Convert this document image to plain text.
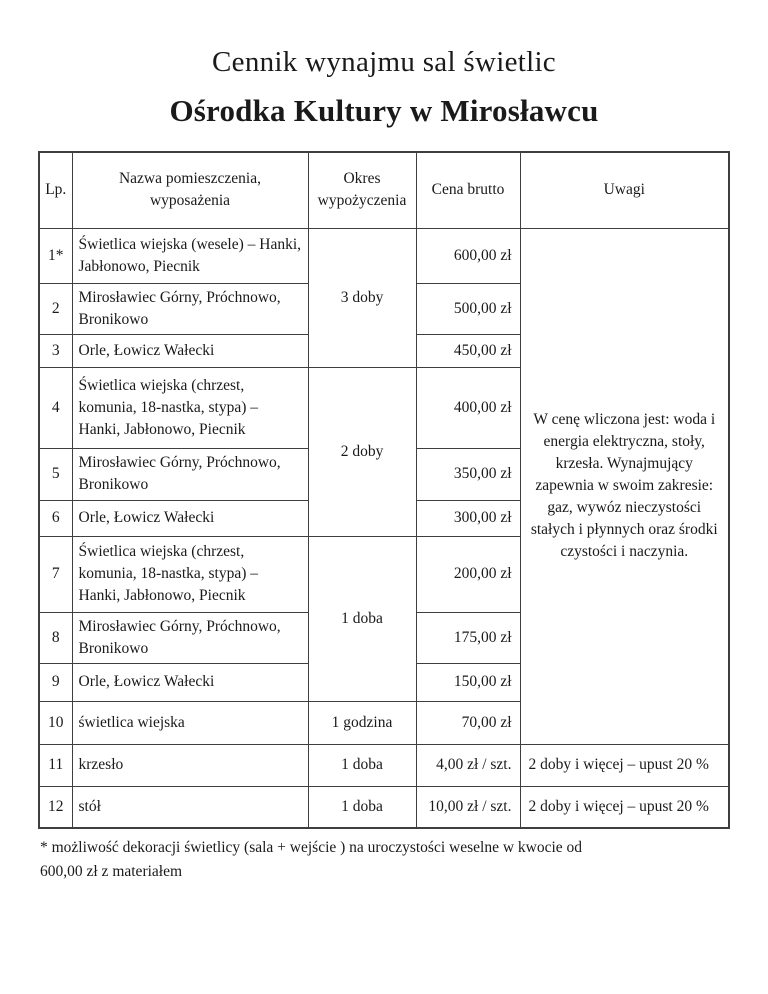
Cennik wynajmu sal świetlic
Ośrodka Kultury w Mirosławcu
Lp.	Nazwa pomieszczenia, wyposażenia	Okres wypożyczenia	Cena brutto	Uwagi
1*	Świetlica wiejska (wesele) – Hanki, Jabłonowo, Piecnik	3 doby	600,00 zł	W cenę wliczona jest: woda i energia elektryczna, stoły, krzesła. Wynajmujący zapewnia w swoim zakresie: gaz, wywóz nieczystości stałych i płynnych oraz środki czystości i naczynia.
2	Mirosławiec Górny, Próchnowo, Bronikowo		500,00 zł	
3	Orle, Łowicz Wałecki		450,00 zł	
4	Świetlica wiejska (chrzest, komunia, 18-nastka, stypa) – Hanki, Jabłonowo, Piecnik	2 doby	400,00 zł	
5	Mirosławiec Górny, Próchnowo, Bronikowo		350,00 zł	
6	Orle, Łowicz Wałecki		300,00 zł	
7	Świetlica wiejska (chrzest, komunia, 18-nastka, stypa) – Hanki, Jabłonowo, Piecnik	1 doba	200,00 zł	
8	Mirosławiec Górny, Próchnowo, Bronikowo		175,00 zł	
9	Orle, Łowicz Wałecki		150,00 zł	
10	świetlica wiejska	1 godzina	70,00 zł	
11	krzesło	1 doba	4,00 zł / szt.	2 doby i więcej – upust 20 %
12	stół	1 doba	10,00 zł / szt.	2 doby i więcej – upust 20 %
* możliwość dekoracji świetlicy (sala + wejście ) na uroczystości weselne w kwocie od
600,00 zł z materiałem
